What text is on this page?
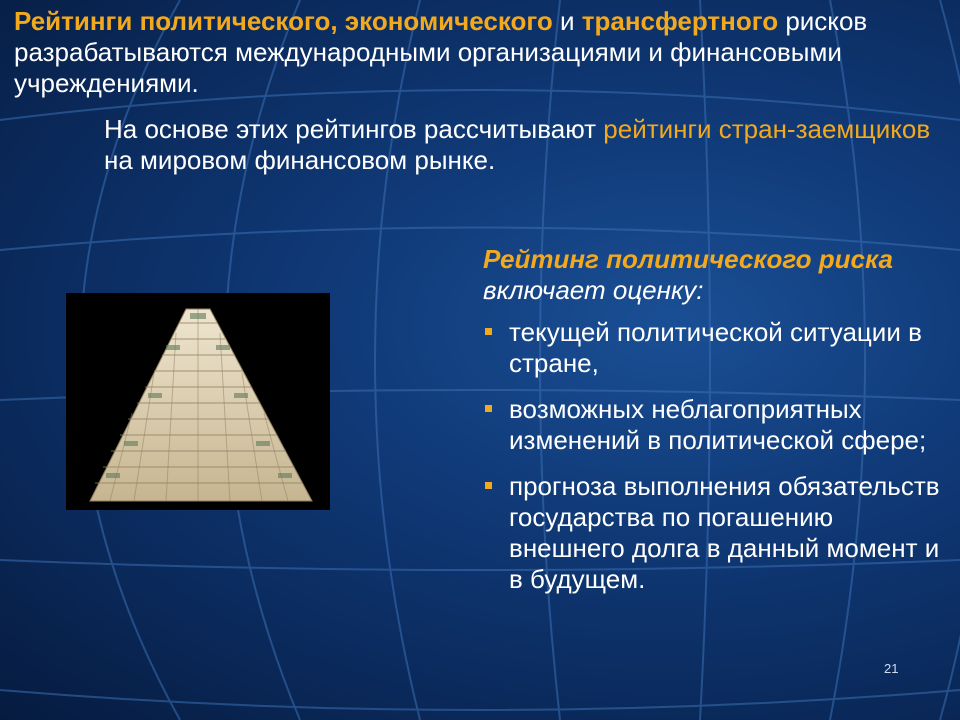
Рейтинги политического, экономического и трансфертного рисков разрабатываются международными организациями и финансовыми учреждениями.

На основе этих рейтингов рассчитывают рейтинги стран-заемщиков на мировом финансовом рынке.

Рейтинг политического риска включает оценку:

текущей политической ситуации в стране,
возможных неблагоприятных изменений в политической сфере;
прогноза выполнения обязательств государства по погашению внешнего долга в данный момент и в будущем.
21
